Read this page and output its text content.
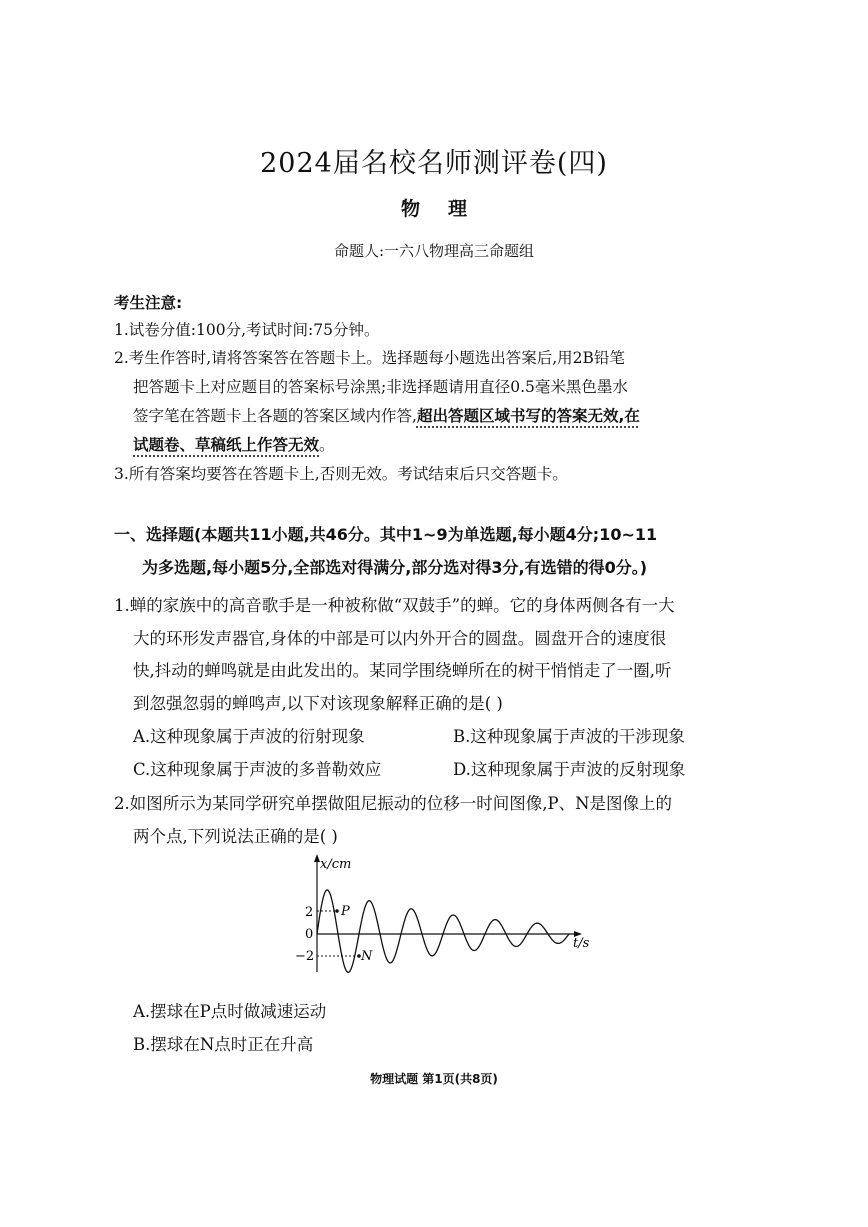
2024届名校名师测评卷(四)
物理
命题人:一六八物理高三命题组
考生注意:
1.试卷分值:100分,考试时间:75分钟。
2.考生作答时,请将答案答在答题卡上。选择题每小题选出答案后,用2B铅笔
把答题卡上对应题目的答案标号涂黑;非选择题请用直径0.5毫米黑色墨水
签字笔在答题卡上各题的答案区域内作答,超出答题区域书写的答案无效,在
试题卷、草稿纸上作答无效。
3.所有答案均要答在答题卡上,否则无效。考试结束后只交答题卡。
一、选择题(本题共11小题,共46分。其中1~9为单选题,每小题4分;10~11
为多选题,每小题5分,全部选对得满分,部分选对得3分,有选错的得0分。)
1.蝉的家族中的高音歌手是一种被称做“双鼓手”的蝉。它的身体两侧各有一大
大的环形发声器官,身体的中部是可以内外开合的圆盘。圆盘开合的速度很
快,抖动的蝉鸣就是由此发出的。某同学围绕蝉所在的树干悄悄走了一圈,听
到忽强忽弱的蝉鸣声,以下对该现象解释正确的是( )
A.这种现象属于声波的衍射现象	B.这种现象属于声波的干涉现象
C.这种现象属于声波的多普勒效应	D.这种现象属于声波的反射现象
2.如图所示为某同学研究单摆做阻尼振动的位移一时间图像,P、N是图像上的
两个点,下列说法正确的是( )
x/cm
t/s
2
0
−2
P
N
A.摆球在P点时做减速运动
B.摆球在N点时正在升高
物理试题 第1页(共8页)
